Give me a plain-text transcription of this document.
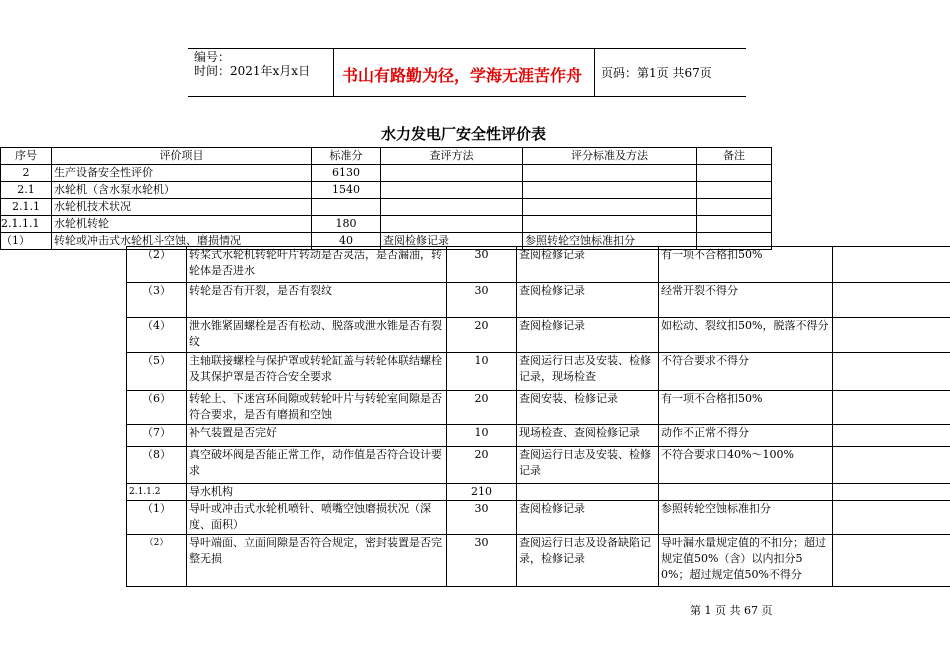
编号：
时间：2021年x月x日 书山有路勤为径，学海无涯苦作舟 页码：第1页 共67页
水力发电厂安全性评价表
序号	评价项目	标准分	查评方法	评分标准及方法	备注
2	生产设备安全性评价	6130			
2.1	水轮机（含水泵水轮机）	1540			
2.1.1	水轮机技术状况				
2.1.1.1	水轮机转轮	180			
（1）	转轮或冲击式水轮机斗空蚀、磨损情况	40	查阅检修记录	参照转轮空蚀标准扣分	
（2）	转桨式水轮机转轮叶片转动是否灵活，是否漏油，转轮体是否进水	30	查阅检修记录	有一项不合格扣50%	
（3）	转轮是否有开裂，是否有裂纹	30	查阅检修记录	经常开裂不得分	
（4）	泄水锥紧固螺栓是否有松动、脱落或泄水锥是否有裂纹	20	查阅检修记录	如松动、裂纹扣50%，脱落不得分	
（5）	主轴联接螺栓与保护罩或转轮缸盖与转轮体联结螺栓及其保护罩是否符合安全要求	10	查阅运行日志及安装、检修记录，现场检查	不符合要求不得分	
（6）	转轮上、下迷宫环间隙或转轮叶片与转轮室间隙是否符合要求，是否有磨损和空蚀	20	查阅安装、检修记录	有一项不合格扣50%	
（7）	补气装置是否完好	10	现场检查、查阅检修记录	动作不正常不得分	
（8）	真空破坏阀是否能正常工作，动作值是否符合设计要求	20	查阅运行日志及安装、检修记录	不符合要求口40%～100%	
2.1.1.2	导水机构	210			
（1）	导叶或冲击式水轮机喷针、喷嘴空蚀磨损状况（深度、面积）	30	查阅检修记录	参照转轮空蚀标准扣分	
（2）	导叶端面、立面间隙是否符合规定，密封装置是否完整无损	30	查阅运行日志及设备缺陷记录，检修记录	导叶漏水量规定值的不扣分；超过规定值50%（含）以内扣分50%；超过规定值50%不得分	
第 1 页 共 67 页
